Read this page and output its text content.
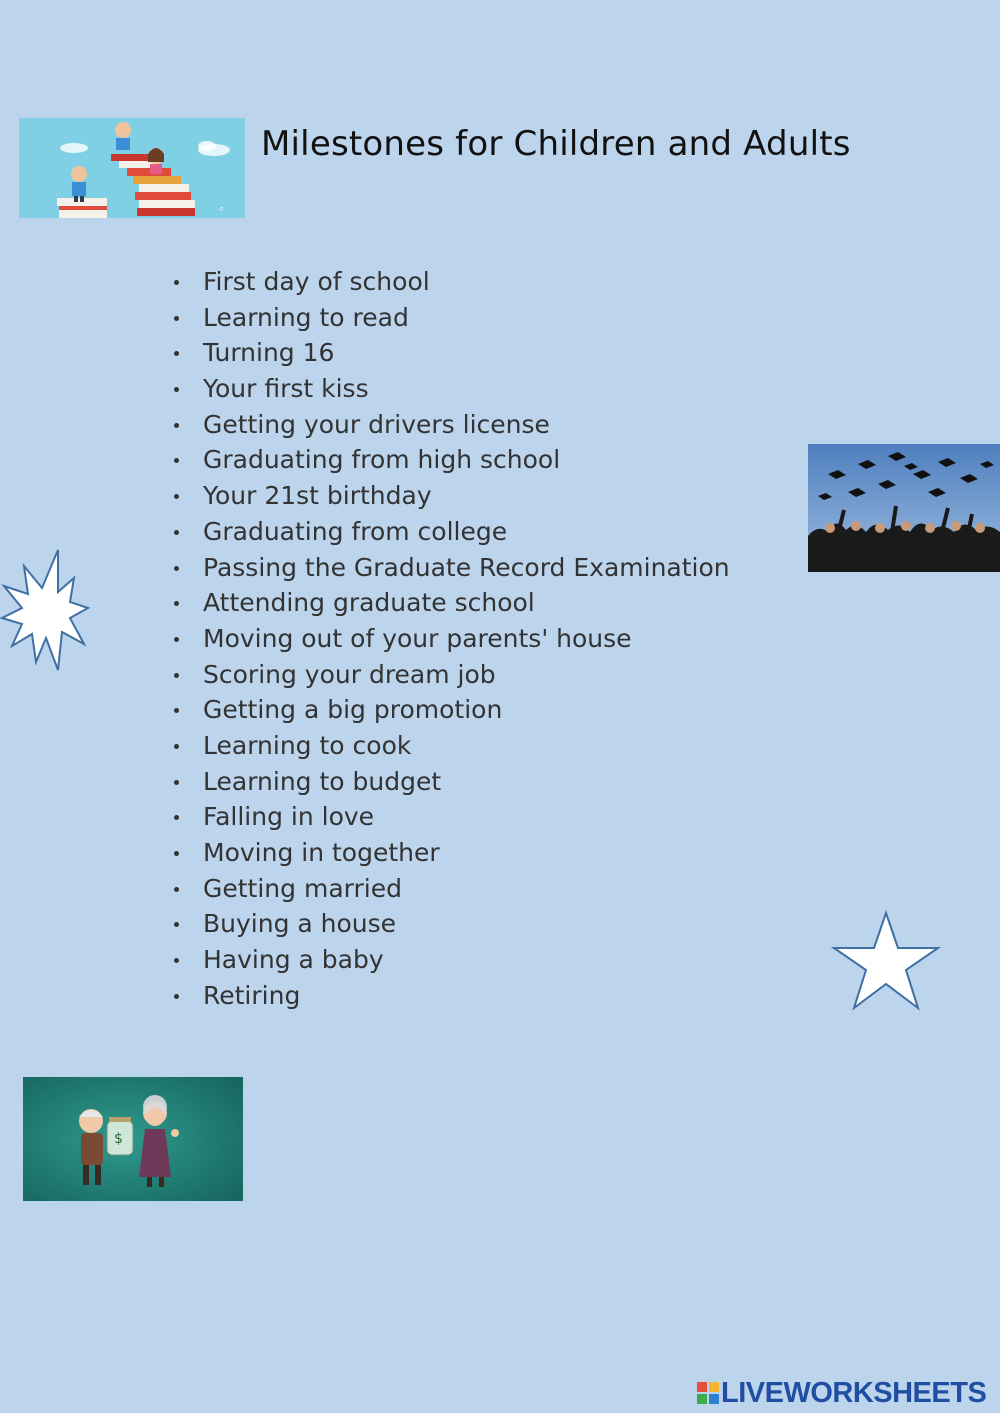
©
Milestones for Children and Adults
First day of school
Learning to read
Turning 16
Your first kiss
Getting your drivers license
Graduating from high school
Your 21st birthday
Graduating from college
Passing the Graduate Record Examination
Attending graduate school
Moving out of your parents' house
Scoring your dream job
Getting a big promotion
Learning to cook
Learning to budget
Falling in love
Moving in together
Getting married
Buying a house
Having a baby
Retiring
$
LIVEWORKSHEETS
